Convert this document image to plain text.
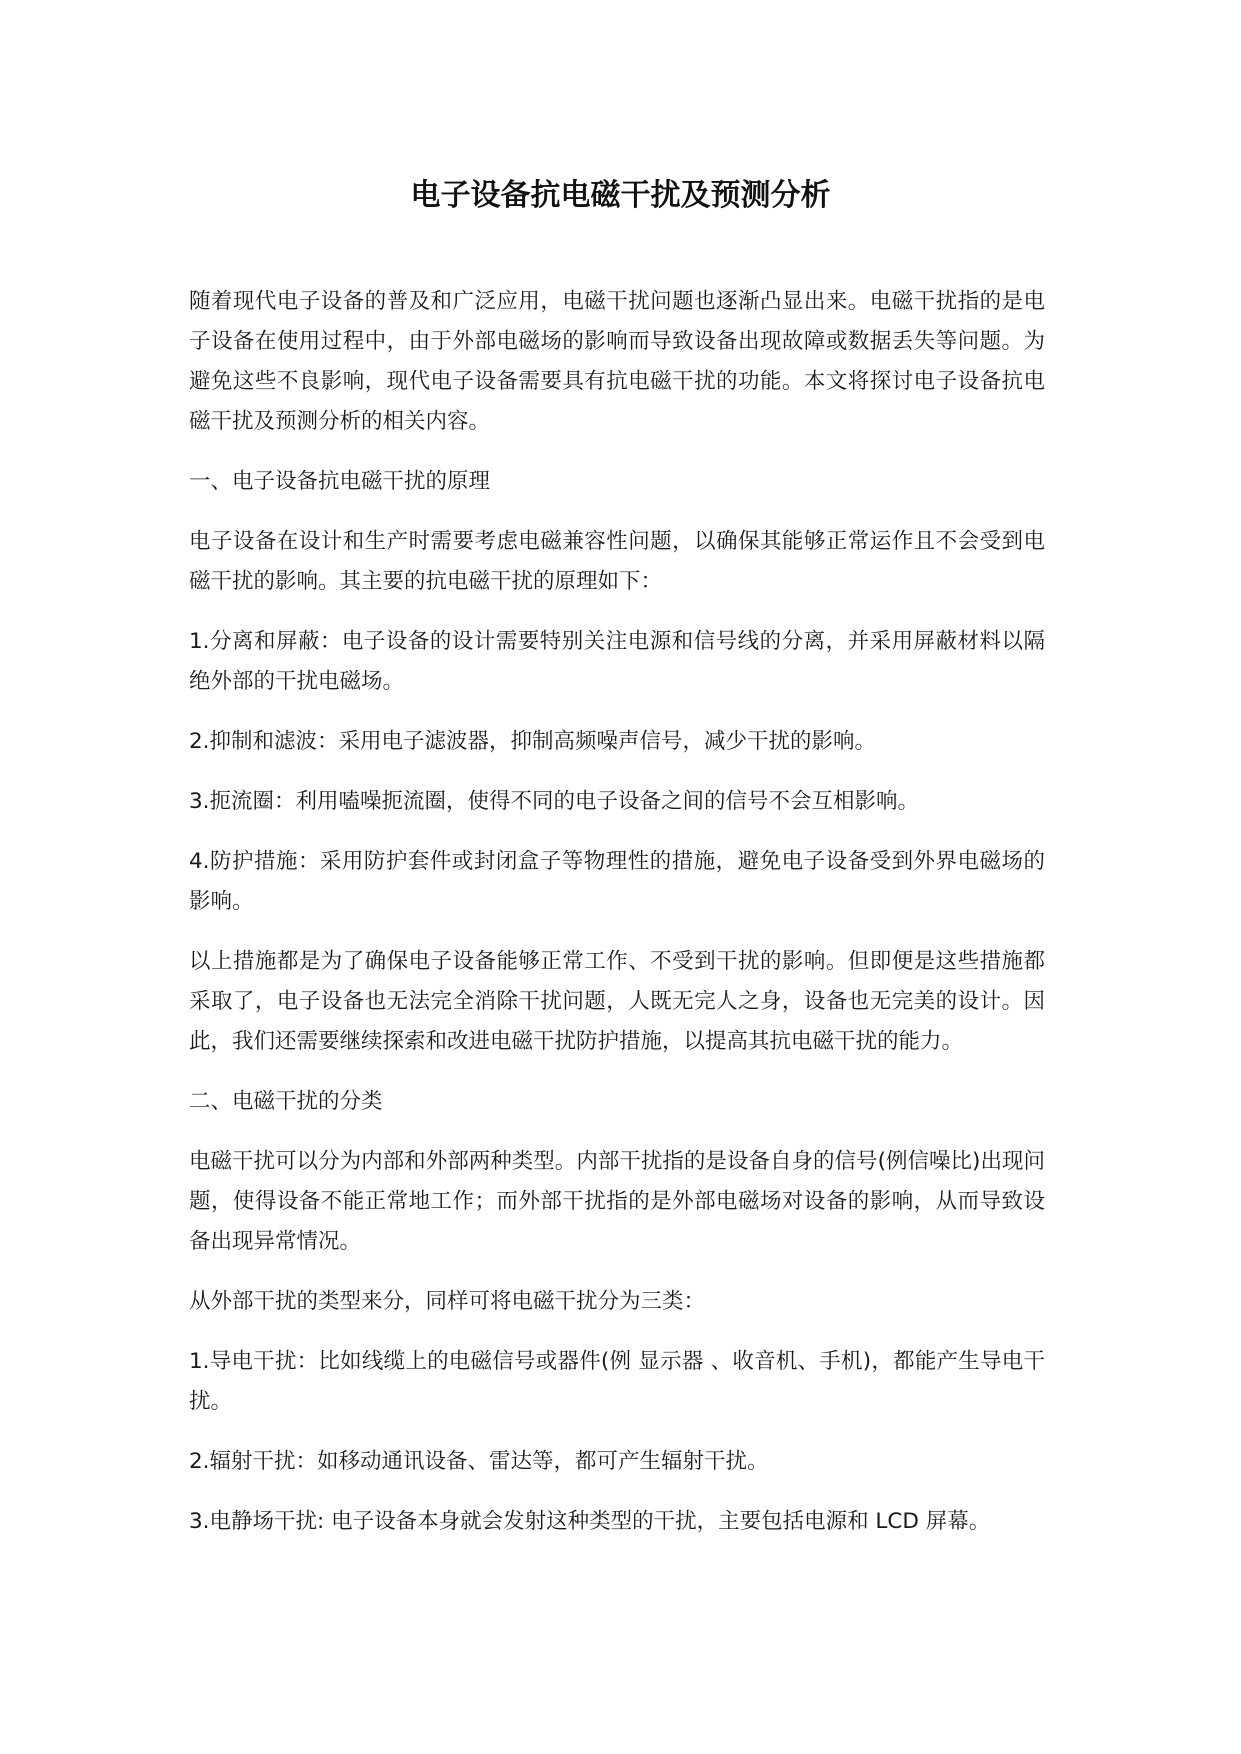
电子设备抗电磁干扰及预测分析

随着现代电子设备的普及和广泛应用，电磁干扰问题也逐渐凸显出来。电磁干扰指的是电子设备在使用过程中，由于外部电磁场的影响而导致设备出现故障或数据丢失等问题。为避免这些不良影响，现代电子设备需要具有抗电磁干扰的功能。本文将探讨电子设备抗电磁干扰及预测分析的相关内容。

一、电子设备抗电磁干扰的原理

电子设备在设计和生产时需要考虑电磁兼容性问题，以确保其能够正常运作且不会受到电磁干扰的影响。其主要的抗电磁干扰的原理如下：

1.分离和屏蔽：电子设备的设计需要特别关注电源和信号线的分离，并采用屏蔽材料以隔绝外部的干扰电磁场。

2.抑制和滤波：采用电子滤波器，抑制高频噪声信号，减少干扰的影响。

3.扼流圈：利用嗑噪扼流圈，使得不同的电子设备之间的信号不会互相影响。

4.防护措施：采用防护套件或封闭盒子等物理性的措施，避免电子设备受到外界电磁场的影响。

以上措施都是为了确保电子设备能够正常工作、不受到干扰的影响。但即便是这些措施都采取了，电子设备也无法完全消除干扰问题，人既无完人之身，设备也无完美的设计。因此，我们还需要继续探索和改进电磁干扰防护措施，以提高其抗电磁干扰的能力。

二、电磁干扰的分类

电磁干扰可以分为内部和外部两种类型。内部干扰指的是设备自身的信号(例信噪比)出现问题，使得设备不能正常地工作；而外部干扰指的是外部电磁场对设备的影响，从而导致设备出现异常情况。

从外部干扰的类型来分，同样可将电磁干扰分为三类：

1.导电干扰：比如线缆上的电磁信号或器件(例 显示器 、收音机、手机)，都能产生导电干扰。

2.辐射干扰：如移动通讯设备、雷达等，都可产生辐射干扰。

3.电静场干扰: 电子设备本身就会发射这种类型的干扰，主要包括电源和 LCD 屏幕。
